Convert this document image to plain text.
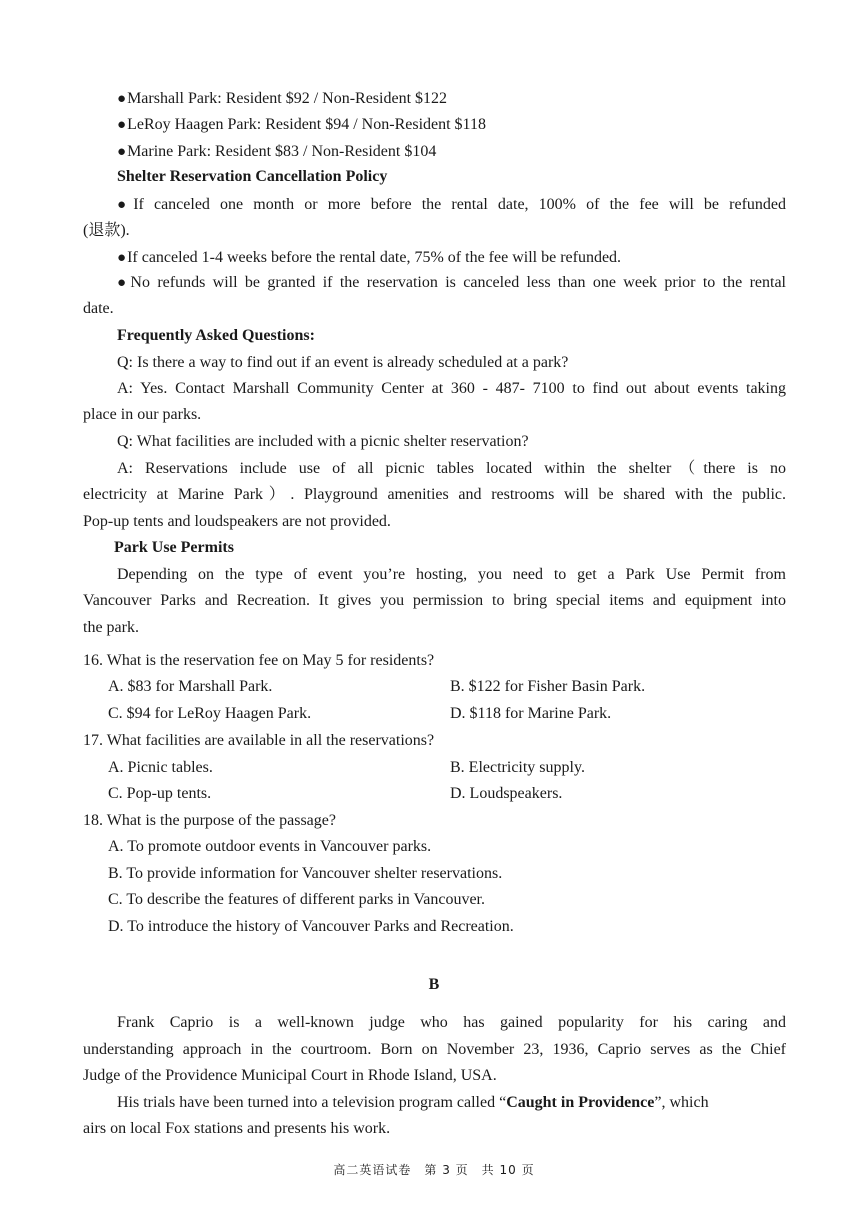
● Marshall Park: Resident $92 / Non-Resident $122
● LeRoy Haagen Park: Resident $94 / Non-Resident $118
● Marine Park: Resident $83 / Non-Resident $104
Shelter Reservation Cancellation Policy
● If canceled one month or more before the rental date, 100% of the fee will be refunded
(退款).
● If canceled 1-4 weeks before the rental date, 75% of the fee will be refunded.
● No refunds will be granted if the reservation is canceled less than one week prior to the rental
date.
Frequently Asked Questions:
Q: Is there a way to find out if an event is already scheduled at a park?
A: Yes. Contact Marshall Community Center at 360 - 487- 7100 to find out about events taking
place in our parks.
Q: What facilities are included with a picnic shelter reservation?
A: Reservations include use of all picnic tables located within the shelter（there is no
electricity at Marine Park）. Playground amenities and restrooms will be shared with the public.
Pop-up tents and loudspeakers are not provided.
Park Use Permits
Depending on the type of event you’re hosting, you need to get a Park Use Permit from
Vancouver Parks and Recreation. It gives you permission to bring special items and equipment into
the park.
16. What is the reservation fee on May 5 for residents?
A. $83 for Marshall Park.	B. $122 for Fisher Basin Park.
C. $94 for LeRoy Haagen Park.	D. $118 for Marine Park.
17. What facilities are available in all the reservations?
A. Picnic tables.	B. Electricity supply.
C. Pop-up tents.	D. Loudspeakers.
18. What is the purpose of the passage?
A. To promote outdoor events in Vancouver parks.
B. To provide information for Vancouver shelter reservations.
C. To describe the features of different parks in Vancouver.
D. To introduce the history of Vancouver Parks and Recreation.
B
Frank Caprio is a well-known judge who has gained popularity for his caring and
understanding approach in the courtroom. Born on November 23, 1936, Caprio serves as the Chief
Judge of the Providence Municipal Court in Rhode Island, USA.
His trials have been turned into a television program called “Caught in Providence”, which
airs on local Fox stations and presents his work.
高二英语试卷　第 3 页　共 10 页
